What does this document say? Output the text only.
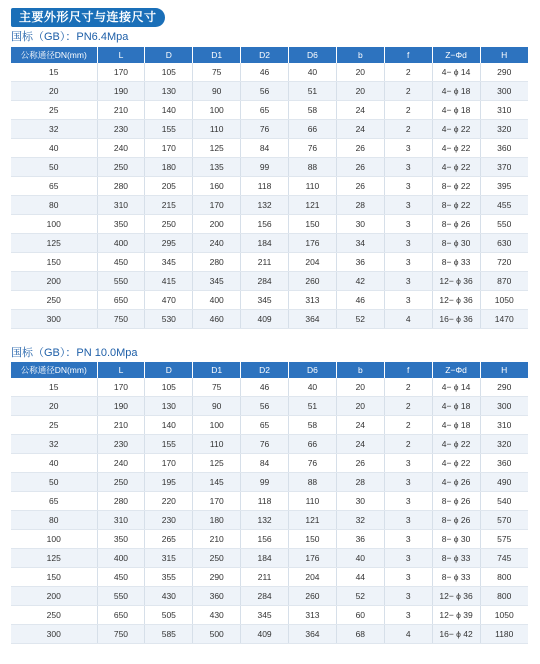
主要外形尺寸与连接尺寸
国标（GB）：PN6.4Mpa
公称通径DN(mm)	L	D	D1	D2	D6	b	f	Z−Φd	H
15	170	105	75	46	40	20	2	4− ϕ 14	290
20	190	130	90	56	51	20	2	4− ϕ 18	300
25	210	140	100	65	58	24	2	4− ϕ 18	310
32	230	155	110	76	66	24	2	4− ϕ 22	320
40	240	170	125	84	76	26	3	4− ϕ 22	360
50	250	180	135	99	88	26	3	4− ϕ 22	370
65	280	205	160	118	110	26	3	8− ϕ 22	395
80	310	215	170	132	121	28	3	8− ϕ 22	455
100	350	250	200	156	150	30	3	8− ϕ 26	550
125	400	295	240	184	176	34	3	8− ϕ 30	630
150	450	345	280	211	204	36	3	8− ϕ 33	720
200	550	415	345	284	260	42	3	12− ϕ 36	870
250	650	470	400	345	313	46	3	12− ϕ 36	1050
300	750	530	460	409	364	52	4	16− ϕ 36	1470
国标（GB）：PN 10.0Mpa
公称通径DN(mm)	L	D	D1	D2	D6	b	f	Z−Φd	H
15	170	105	75	46	40	20	2	4− ϕ 14	290
20	190	130	90	56	51	20	2	4− ϕ 18	300
25	210	140	100	65	58	24	2	4− ϕ 18	310
32	230	155	110	76	66	24	2	4− ϕ 22	320
40	240	170	125	84	76	26	3	4− ϕ 22	360
50	250	195	145	99	88	28	3	4− ϕ 26	490
65	280	220	170	118	110	30	3	8− ϕ 26	540
80	310	230	180	132	121	32	3	8− ϕ 26	570
100	350	265	210	156	150	36	3	8− ϕ 30	575
125	400	315	250	184	176	40	3	8− ϕ 33	745
150	450	355	290	211	204	44	3	8− ϕ 33	800
200	550	430	360	284	260	52	3	12− ϕ 36	800
250	650	505	430	345	313	60	3	12− ϕ 39	1050
300	750	585	500	409	364	68	4	16− ϕ 42	1180
